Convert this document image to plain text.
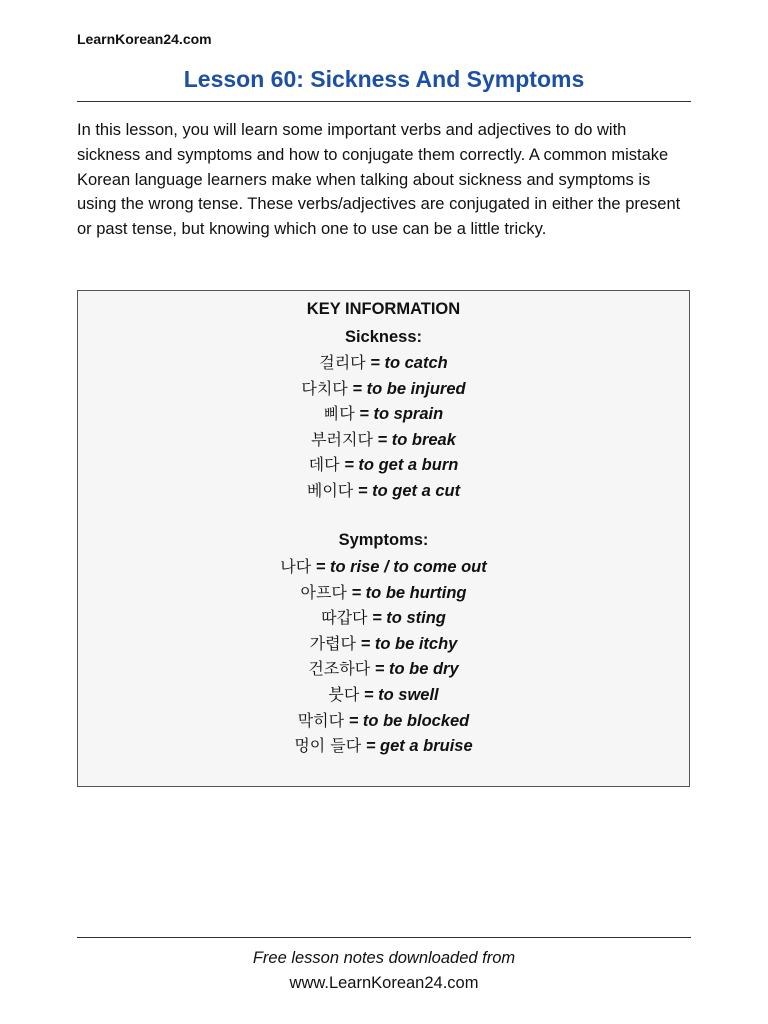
LearnKorean24.com
Lesson 60: Sickness And Symptoms

In this lesson, you will learn some important verbs and adjectives to do with sickness and symptoms and how to conjugate them correctly. A common mistake Korean language learners make when talking about sickness and symptoms is using the wrong tense. These verbs/adjectives are conjugated in either the present or past tense, but knowing which one to use can be a little tricky.

KEY INFORMATION
Sickness:
걸리다 = to catch
다치다 = to be injured
삐다 = to sprain
부러지다 = to break
데다 = to get a burn
베이다 = to get a cut
Symptoms:
나다 = to rise / to come out
아프다 = to be hurting
따갑다 = to sting
가렵다 = to be itchy
건조하다 = to be dry
붓다 = to swell
막히다 = to be blocked
멍이 들다 = get a bruise
Free lesson notes downloaded from
www.LearnKorean24.com
